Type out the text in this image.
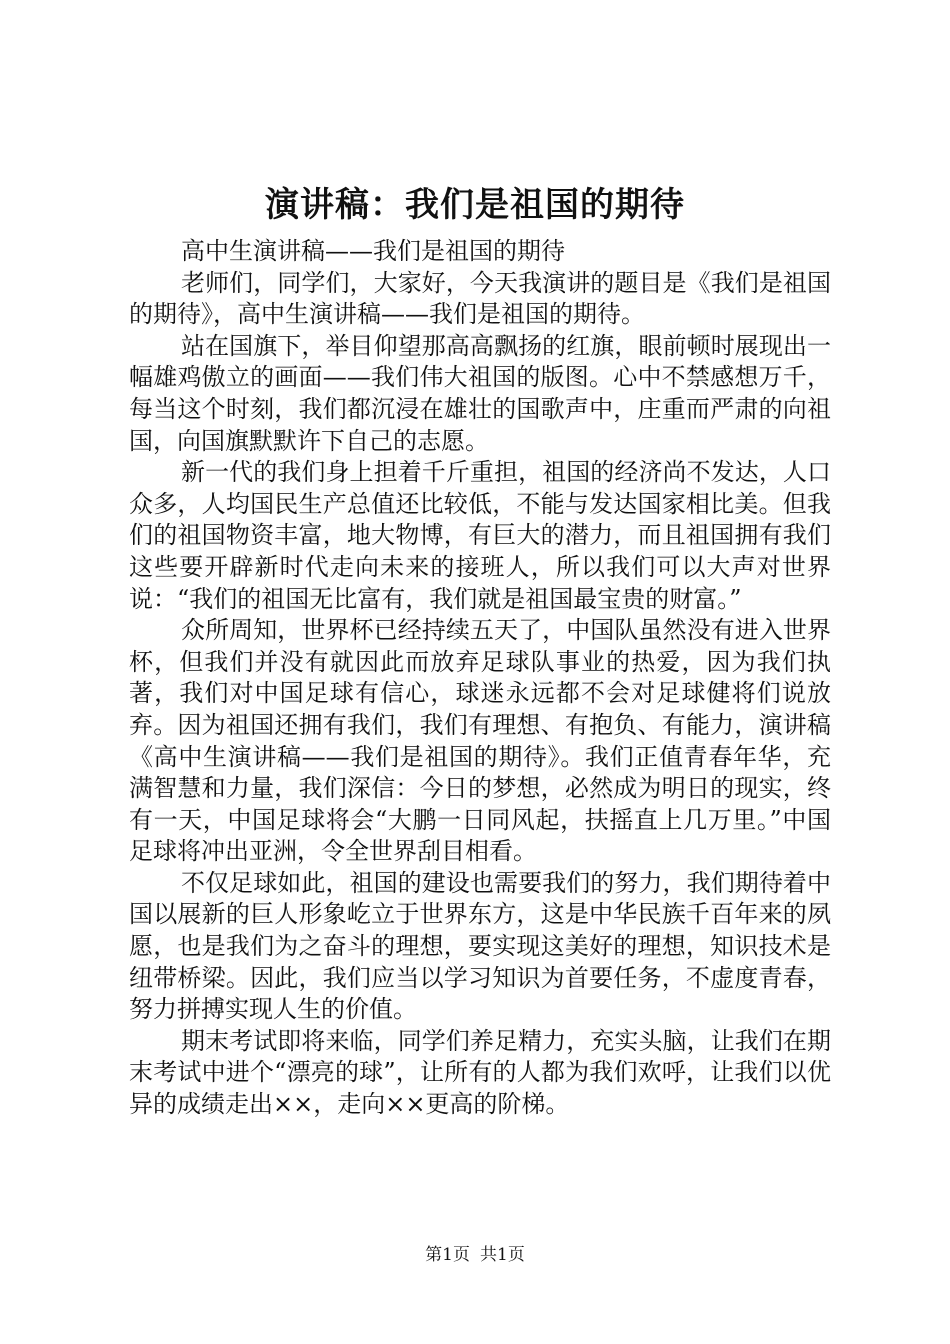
演讲稿：我们是祖国的期待

高中生演讲稿——我们是祖国的期待

老师们，同学们，大家好，今天我演讲的题目是《我们是祖国的期待》，高中生演讲稿——我们是祖国的期待。

站在国旗下，举目仰望那高高飘扬的红旗，眼前顿时展现出一幅雄鸡傲立的画面——我们伟大祖国的版图。心中不禁感想万千，每当这个时刻，我们都沉浸在雄壮的国歌声中，庄重而严肃的向祖国，向国旗默默许下自己的志愿。

新一代的我们身上担着千斤重担，祖国的经济尚不发达，人口众多，人均国民生产总值还比较低，不能与发达国家相比美。但我们的祖国物资丰富，地大物博，有巨大的潜力，而且祖国拥有我们这些要开辟新时代走向未来的接班人，所以我们可以大声对世界说：“我们的祖国无比富有，我们就是祖国最宝贵的财富。”

众所周知，世界杯已经持续五天了，中国队虽然没有进入世界杯，但我们并没有就因此而放弃足球队事业的热爱，因为我们执著，我们对中国足球有信心，球迷永远都不会对足球健将们说放弃。因为祖国还拥有我们，我们有理想、有抱负、有能力，演讲稿《高中生演讲稿——我们是祖国的期待》。我们正值青春年华，充满智慧和力量，我们深信：今日的梦想，必然成为明日的现实，终有一天，中国足球将会“大鹏一日同风起，扶摇直上几万里。”中国足球将冲出亚洲，令全世界刮目相看。

不仅足球如此，祖国的建设也需要我们的努力，我们期待着中国以展新的巨人形象屹立于世界东方，这是中华民族千百年来的夙愿，也是我们为之奋斗的理想，要实现这美好的理想，知识技术是纽带桥梁。因此，我们应当以学习知识为首要任务，不虚度青春，努力拼搏实现人生的价值。

期末考试即将来临，同学们养足精力，充实头脑，让我们在期末考试中进个“漂亮的球”，让所有的人都为我们欢呼，让我们以优异的成绩走出××，走向××更高的阶梯。

第1页 共1页
